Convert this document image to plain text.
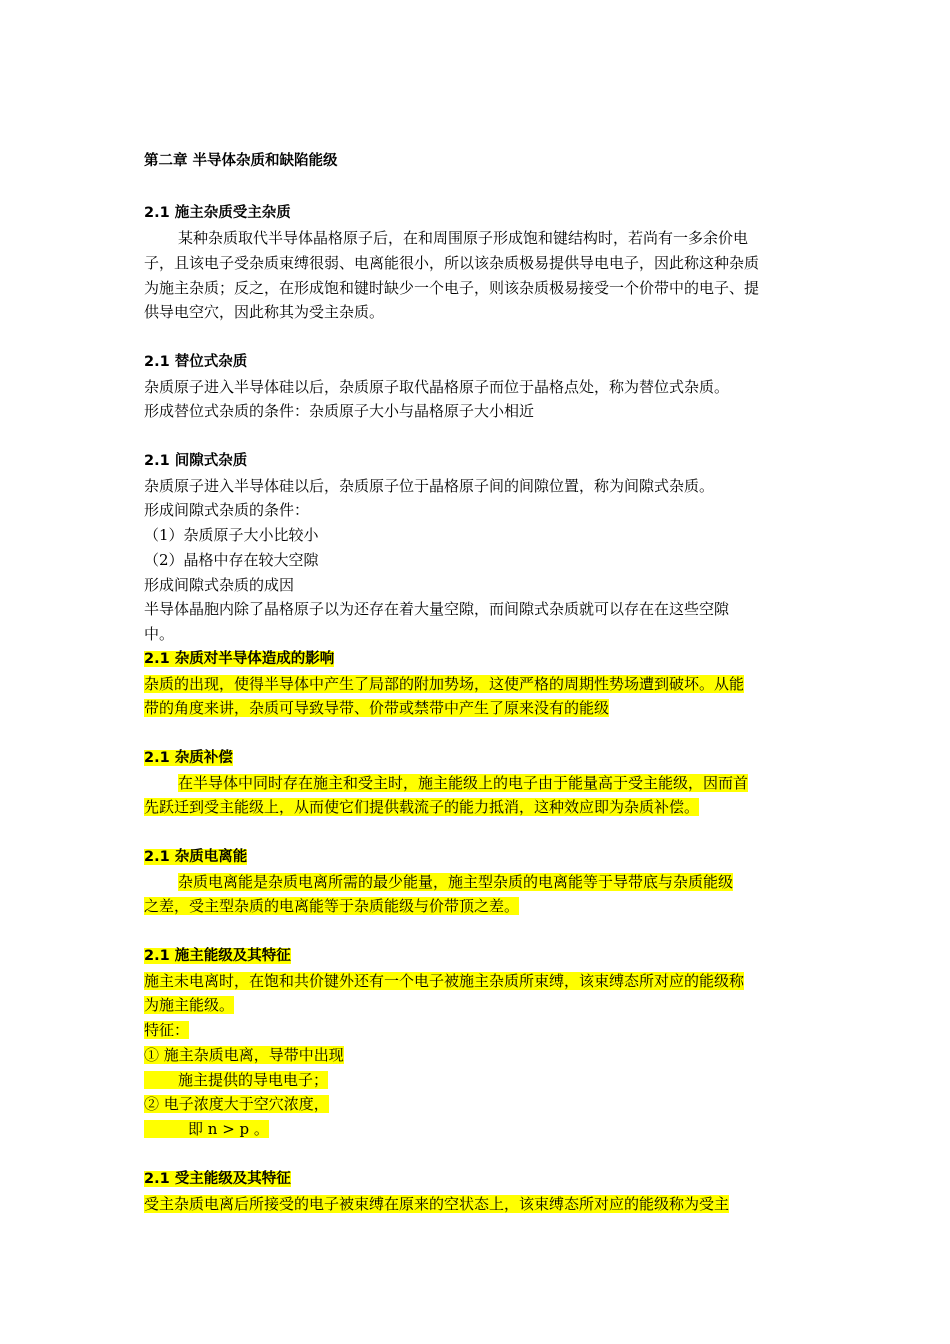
第二章 半导体杂质和缺陷能级
2.1 施主杂质受主杂质
某种杂质取代半导体晶格原子后，在和周围原子形成饱和键结构时，若尚有一多余价电
子，且该电子受杂质束缚很弱、电离能很小，所以该杂质极易提供导电电子，因此称这种杂质
为施主杂质；反之，在形成饱和键时缺少一个电子，则该杂质极易接受一个价带中的电子、提
供导电空穴，因此称其为受主杂质。
2.1 替位式杂质
杂质原子进入半导体硅以后，杂质原子取代晶格原子而位于晶格点处，称为替位式杂质。
形成替位式杂质的条件：杂质原子大小与晶格原子大小相近
2.1 间隙式杂质
杂质原子进入半导体硅以后，杂质原子位于晶格原子间的间隙位置，称为间隙式杂质。
形成间隙式杂质的条件：
（1）杂质原子大小比较小
（2）晶格中存在较大空隙
形成间隙式杂质的成因
半导体晶胞内除了晶格原子以为还存在着大量空隙，而间隙式杂质就可以存在在这些空隙
中。
2.1 杂质对半导体造成的影响
杂质的出现，使得半导体中产生了局部的附加势场，这使严格的周期性势场遭到破坏。从能
带的角度来讲，杂质可导致导带、价带或禁带中产生了原来没有的能级
2.1 杂质补偿
在半导体中同时存在施主和受主时，施主能级上的电子由于能量高于受主能级，因而首
先跃迁到受主能级上，从而使它们提供载流子的能力抵消，这种效应即为杂质补偿。
2.1 杂质电离能
杂质电离能是杂质电离所需的最少能量，施主型杂质的电离能等于导带底与杂质能级
之差，受主型杂质的电离能等于杂质能级与价带顶之差。
2.1 施主能级及其特征
施主未电离时，在饱和共价键外还有一个电子被施主杂质所束缚，该束缚态所对应的能级称
为施主能级。
特征：
① 施主杂质电离，导带中出现
施主提供的导电电子；
② 电子浓度大于空穴浓度，
即 n > p 。
2.1 受主能级及其特征
受主杂质电离后所接受的电子被束缚在原来的空状态上，该束缚态所对应的能级称为受主
